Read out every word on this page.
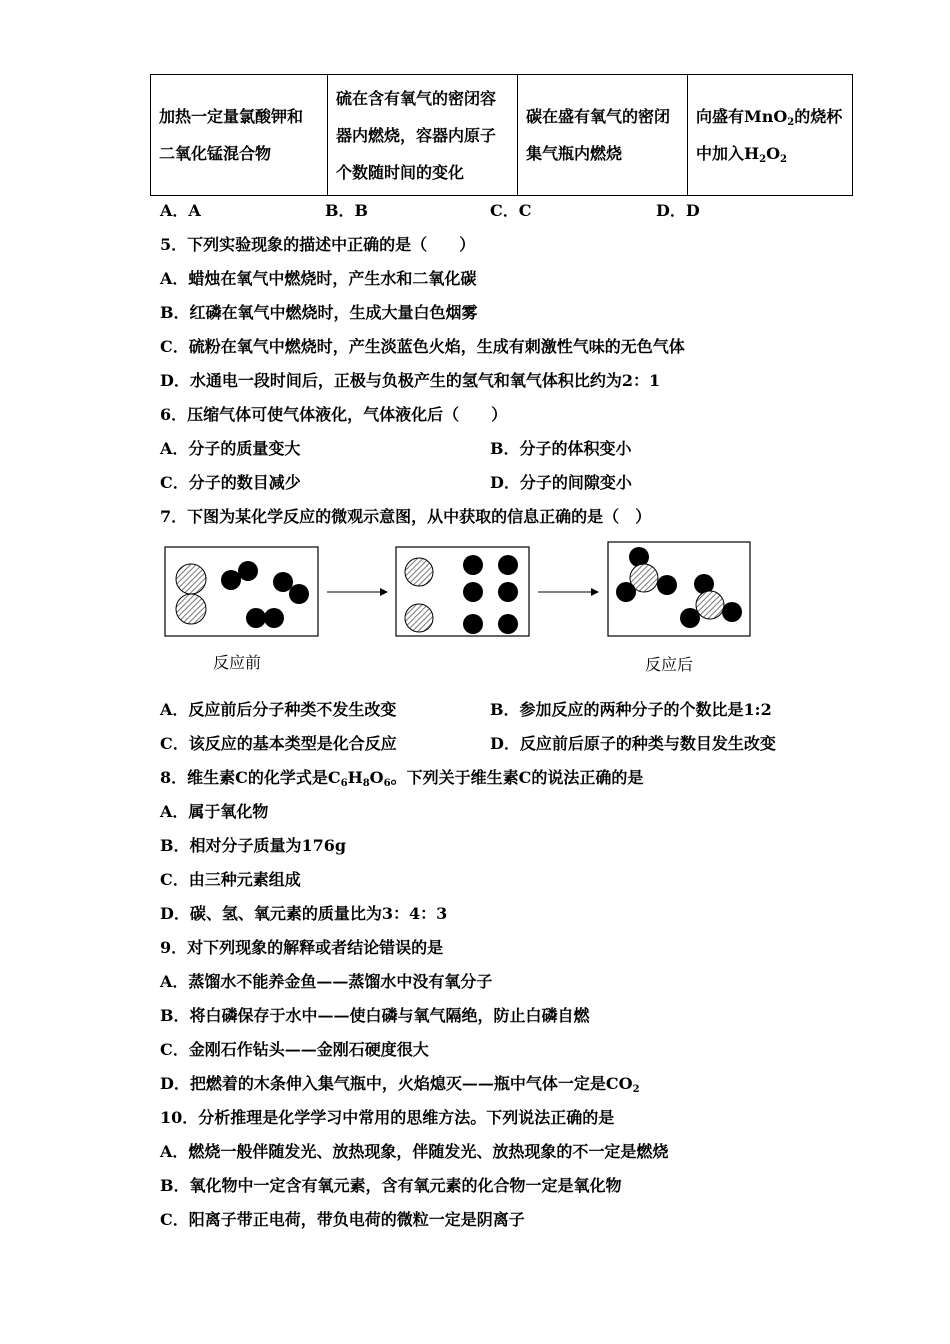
加热一定量氯酸钾和
二氧化锰混合物

硫在含有氧气的密闭容
器内燃烧，容器内原子
个数随时间的变化

碳在盛有氧气的密闭
集气瓶内燃烧

向盛有MnO$_2$的烧杯
中加入$H_2O_2$
A．A	B．B	C．C	D．D
5．下列实验现象的描述中正确的是（　　）
A．蜡烛在氧气中燃烧时，产生水和二氧化碳
B．红磷在氧气中燃烧时，生成大量白色烟雾
C．硫粉在氧气中燃烧时，产生淡蓝色火焰，生成有刺激性气味的无色气体
D．水通电一段时间后，正极与负极产生的氢气和氧气体积比约为2：1
6．压缩气体可使气体液化，气体液化后（　　）
A．分子的质量变大	B．分子的体积变小
C．分子的数目减少	D．分子的间隙变小
7．下图为某化学反应的微观示意图，从中获取的信息正确的是（　）
反应前	反应后
A．反应前后分子种类不发生改变	B．参加反应的两种分子的个数比是1:2
C．该反应的基本类型是化合反应	D．反应前后原子的种类与数目发生改变
8．维生素C的化学式是$C_6H_8O_6$。下列关于维生素C的说法正确的是
A．属于氧化物
B．相对分子质量为176g
C．由三种元素组成
D．碳、氢、氧元素的质量比为3：4：3
9．对下列现象的解释或者结论错误的是
A．蒸馏水不能养金鱼——蒸馏水中没有氧分子
B．将白磷保存于水中——使白磷与氧气隔绝，防止白磷自燃
C．金刚石作钻头——金刚石硬度很大
D．把燃着的木条伸入集气瓶中，火焰熄灭——瓶中气体一定是$CO_2$
10．分析推理是化学学习中常用的思维方法。下列说法正确的是
A．燃烧一般伴随发光、放热现象，伴随发光、放热现象的不一定是燃烧
B．氧化物中一定含有氧元素，含有氧元素的化合物一定是氧化物
C．阳离子带正电荷，带负电荷的微粒一定是阴离子
